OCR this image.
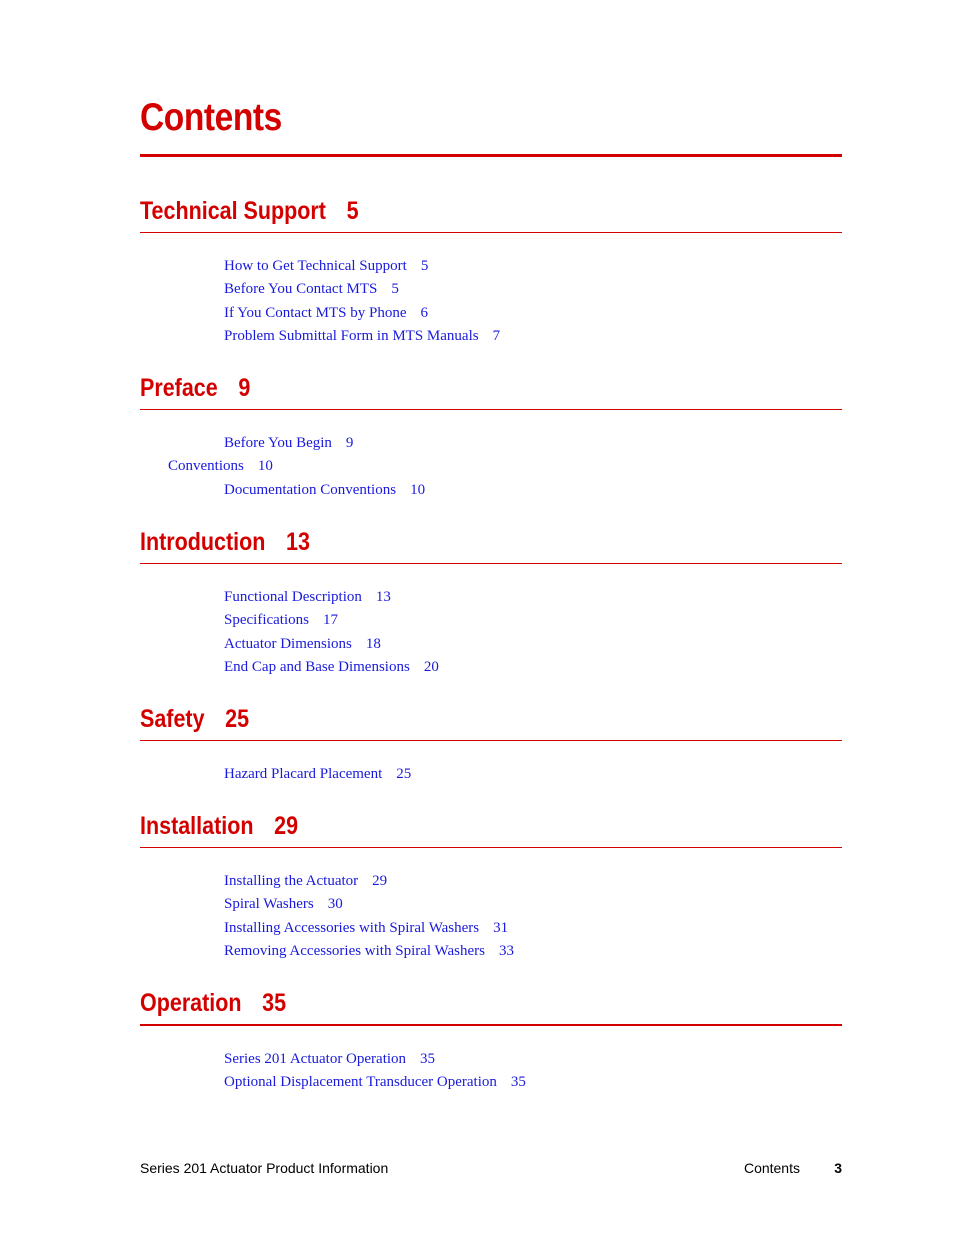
Contents
Technical Support 5
How to Get Technical Support 5
Before You Contact MTS 5
If You Contact MTS by Phone 6
Problem Submittal Form in MTS Manuals 7
Preface 9
Before You Begin 9
Conventions 10
Documentation Conventions 10
Introduction 13
Functional Description 13
Specifications 17
Actuator Dimensions 18
End Cap and Base Dimensions 20
Safety 25
Hazard Placard Placement 25
Installation 29
Installing the Actuator 29
Spiral Washers 30
Installing Accessories with Spiral Washers 31
Removing Accessories with Spiral Washers 33
Operation 35
Series 201 Actuator Operation 35
Optional Displacement Transducer Operation 35
Series 201 Actuator Product Information	Contents 3
